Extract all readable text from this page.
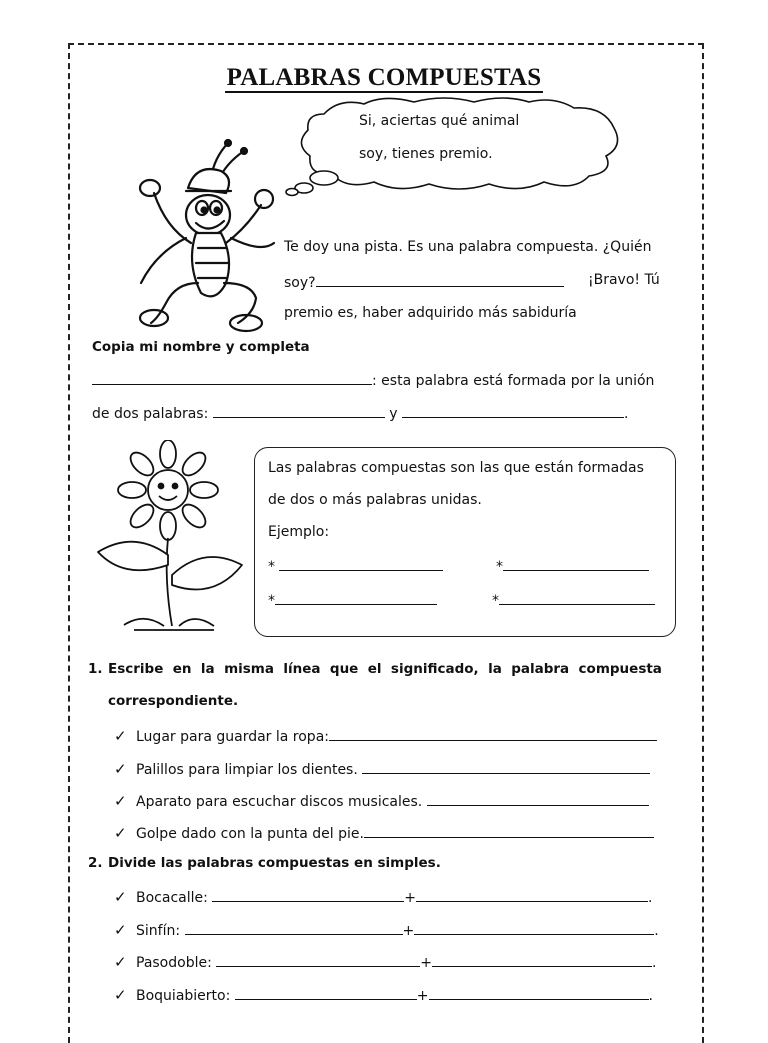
PALABRAS COMPUESTAS
Si, aciertas qué animal
soy, tienes premio.
Te doy una pista. Es una palabra compuesta. ¿Quién
soy?	¡Bravo! Tú
premio es, haber adquirido más sabiduría
Copia mi nombre y completa
: esta palabra está formada por la unión
de dos palabras:	y	.
Las palabras compuestas son las que están formadas
de dos o más palabras unidas.
Ejemplo:
*	*
*	*
1. Escribe  en  la  misma  línea  que  el  significado,  la  palabra  compuesta
correspondiente.
✓ Lugar para guardar la ropa:
✓ Palillos para limpiar los dientes.
✓ Aparato para escuchar discos musicales.
✓ Golpe dado con la punta del pie.
2. Divide las palabras compuestas en simples.
✓ Bocacalle:	+	.
✓ Sinfín:	+	.
✓ Pasodoble:	+	.
✓ Boquiabierto:	+	.
